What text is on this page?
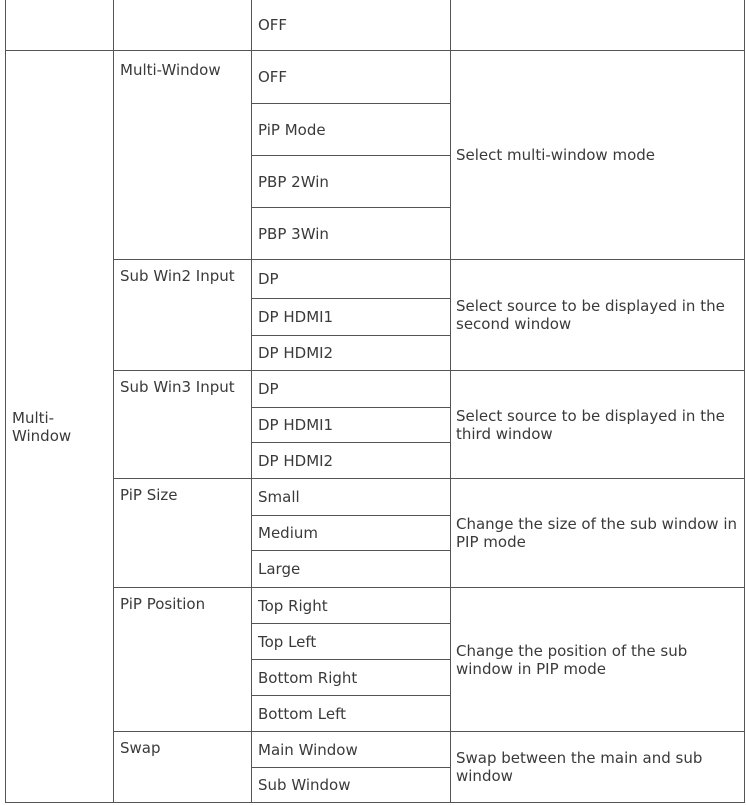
		OFF	
Multi-
Window	Multi-Window	OFF	Select multi-window mode
		PiP Mode	
		PBP 2Win	
		PBP 3Win	
	Sub Win2 Input	DP	Select source to be displayed in the second window
		DP HDMI1	
		DP HDMI2	
	Sub Win3 Input	DP	Select source to be displayed in the third window
		DP HDMI1	
		DP HDMI2	
	PiP Size	Small	Change the size of the sub window in PIP mode
		Medium	
		Large	
	PiP Position	Top Right	Change the position of the sub window in PIP mode
		Top Left	
		Bottom Right	
		Bottom Left	
	Swap	Main Window	Swap between the main and sub window
		Sub Window	
